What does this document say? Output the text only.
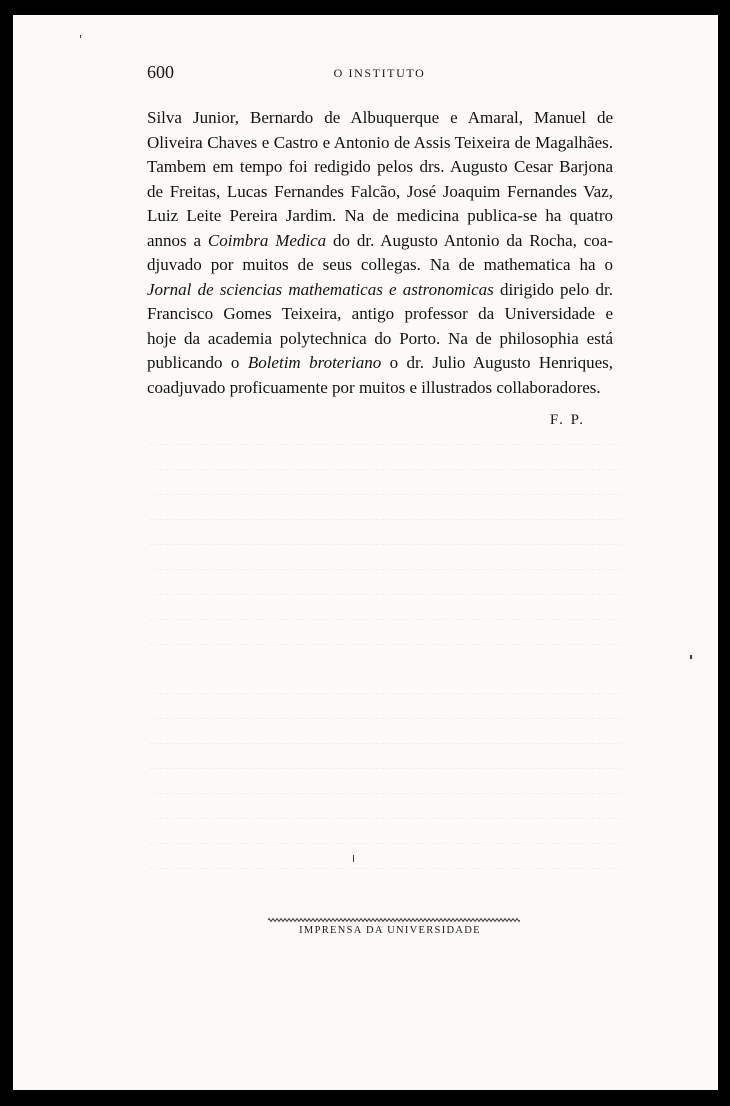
600	O INSTITUTO

Silva Junior, Bernardo de Albuquerque e Amaral, Manuel de
Oliveira Chaves e Castro e Antonio de Assis Teixeira de Magalhães.
Tambem em tempo foi redigido pelos drs. Augusto Cesar Barjona
de Freitas, Lucas Fernandes Falcão, José Joaquim Fernandes Vaz,
Luiz Leite Pereira Jardim. Na de medicina publica-se ha quatro
annos a Coimbra Medica do dr. Augusto Antonio da Rocha, coa-
djuvado por muitos de seus collegas. Na de mathematica ha o
Jornal de sciencias mathematicas e astronomicas dirigido pelo dr.
Francisco Gomes Teixeira, antigo professor da Universidade e
hoje da academia polytechnica do Porto. Na de philosophia está
publicando o Boletim broteriano o dr. Julio Augusto Henriques,
coadjuvado proficuamente por muitos e illustrados collaboradores.

F. P.
IMPRENSA DA UNIVERSIDADE
